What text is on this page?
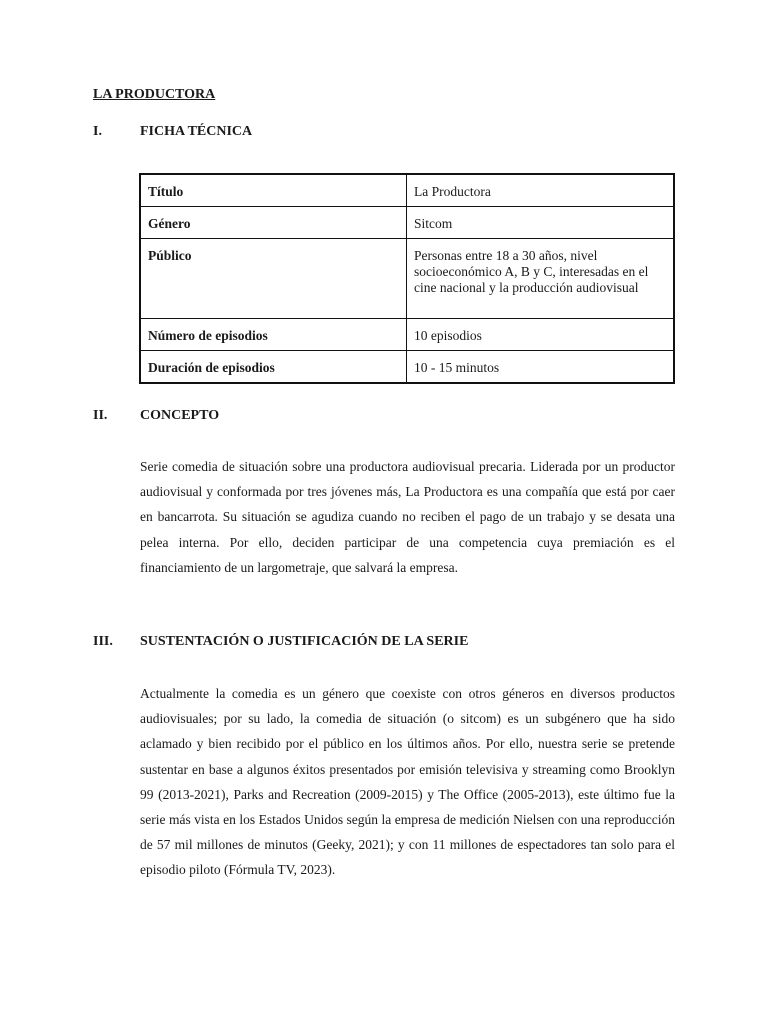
LA PRODUCTORA
I.	FICHA TÉCNICA
Título	La Productora
Género	Sitcom
Público	Personas entre 18 a 30 años, nivel socioeconómico A, B y C, interesadas en el cine nacional y la producción audiovisual
Número de episodios	10 episodios
Duración de episodios	10 - 15 minutos
II. CONCEPTO

Serie comedia de situación sobre una productora audiovisual precaria. Liderada por un productor audiovisual y conformada por tres jóvenes más, La Productora es una compañía que está por caer en bancarrota. Su situación se agudiza cuando no reciben el pago de un trabajo y se desata una pelea interna. Por ello, deciden participar de una competencia cuya premiación es el financiamiento de un largometraje, que salvará la empresa.

III. SUSTENTACIÓN O JUSTIFICACIÓN DE LA SERIE

Actualmente la comedia es un género que coexiste con otros géneros en diversos productos audiovisuales; por su lado, la comedia de situación (o sitcom) es un subgénero que ha sido aclamado y bien recibido por el público en los últimos años. Por ello, nuestra serie se pretende sustentar en base a algunos éxitos presentados por emisión televisiva y streaming como Brooklyn 99 (2013-2021), Parks and Recreation (2009-2015) y The Office (2005-2013), este último fue la serie más vista en los Estados Unidos según la empresa de medición Nielsen con una reproducción de 57 mil millones de minutos (Geeky, 2021); y con 11 millones de espectadores tan solo para el episodio piloto (Fórmula TV, 2023).
